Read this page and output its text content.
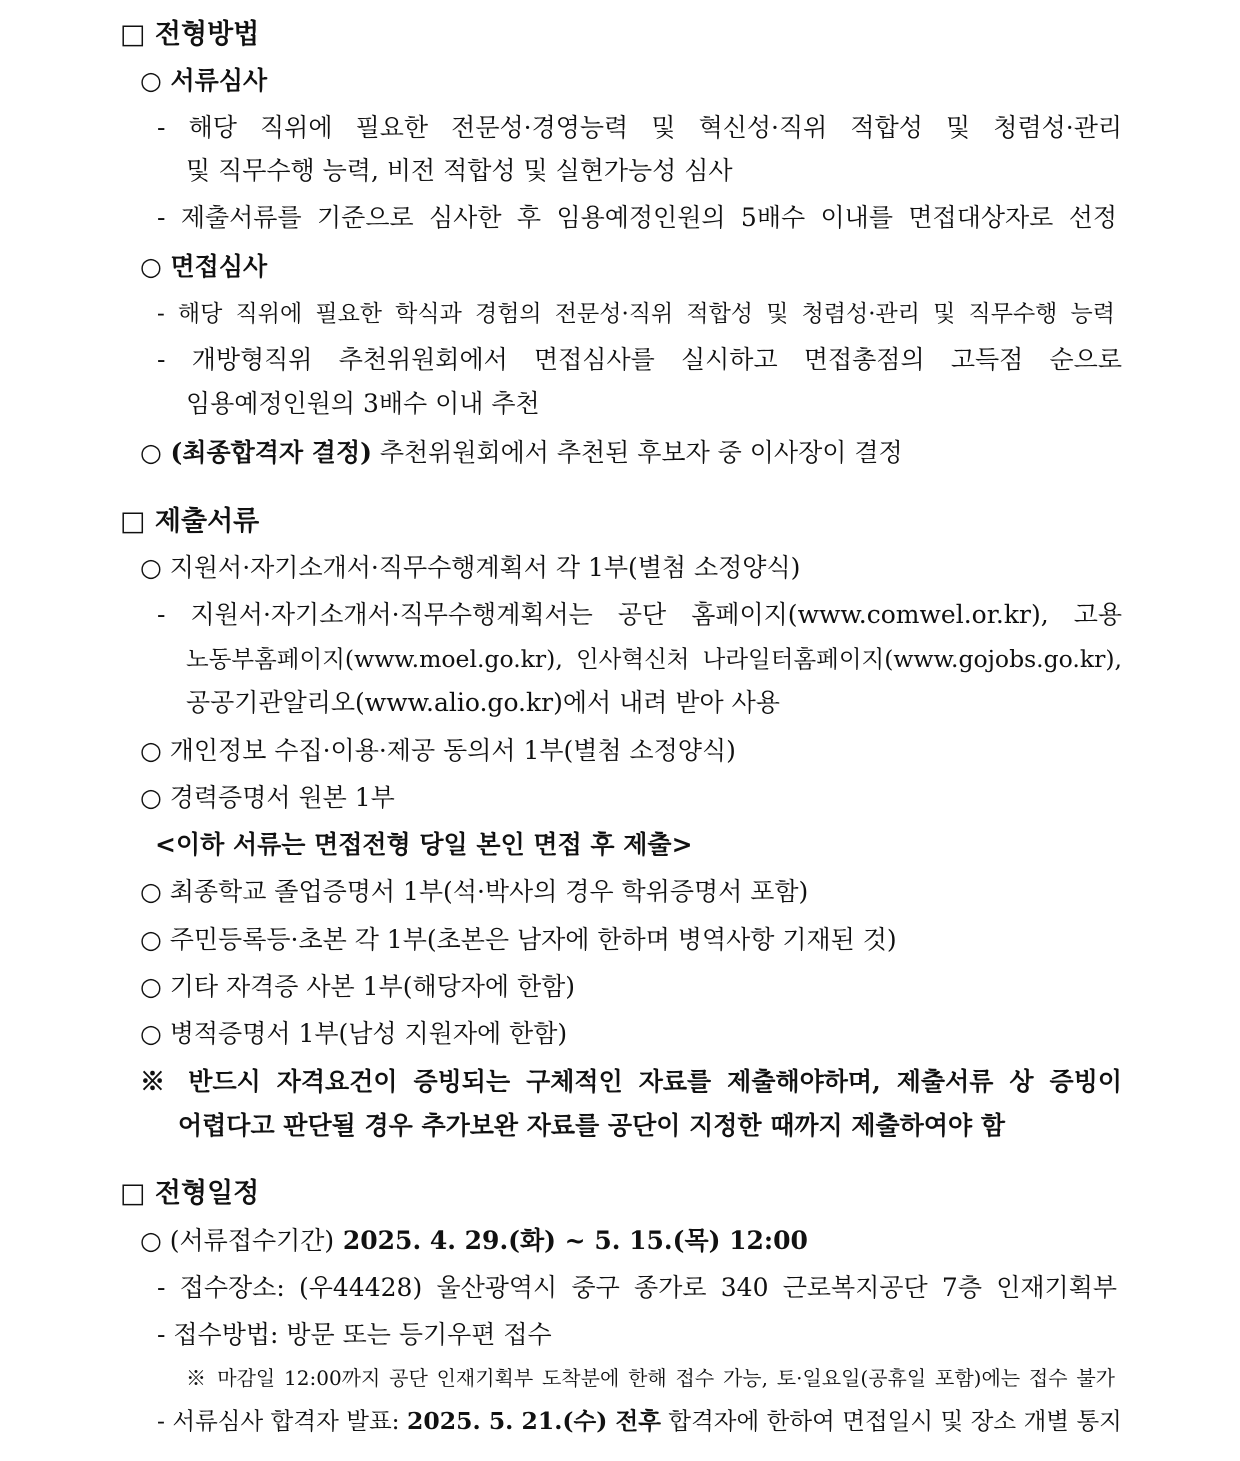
□ 전형방법
○ 서류심사
- 해당 직위에 필요한 전문성·경영능력 및 혁신성·직위 적합성 및 청렴성·관리
및 직무수행 능력, 비전 적합성 및 실현가능성 심사
- 제출서류를 기준으로 심사한 후 임용예정인원의 5배수 이내를 면접대상자로 선정
○ 면접심사
- 해당 직위에 필요한 학식과 경험의 전문성·직위 적합성 및 청렴성·관리 및 직무수행 능력
- 개방형직위 추천위원회에서 면접심사를 실시하고 면접총점의 고득점 순으로
임용예정인원의 3배수 이내 추천
○ (최종합격자 결정) 추천위원회에서 추천된 후보자 중 이사장이 결정
□ 제출서류
○ 지원서·자기소개서·직무수행계획서 각 1부(별첨 소정양식)
- 지원서·자기소개서·직무수행계획서는 공단 홈페이지(www.comwel.or.kr), 고용
노동부홈페이지(www.moel.go.kr), 인사혁신처 나라일터홈페이지(www.gojobs.go.kr),
공공기관알리오(www.alio.go.kr)에서 내려 받아 사용
○ 개인정보 수집·이용·제공 동의서 1부(별첨 소정양식)
○ 경력증명서 원본 1부
<이하 서류는 면접전형 당일 본인 면접 후 제출>
○ 최종학교 졸업증명서 1부(석·박사의 경우 학위증명서 포함)
○ 주민등록등·초본 각 1부(초본은 남자에 한하며 병역사항 기재된 것)
○ 기타 자격증 사본 1부(해당자에 한함)
○ 병적증명서 1부(남성 지원자에 한함)
※ 반드시 자격요건이 증빙되는 구체적인 자료를 제출해야하며, 제출서류 상 증빙이
어렵다고 판단될 경우 추가보완 자료를 공단이 지정한 때까지 제출하여야 함
□ 전형일정
○ (서류접수기간) 2025. 4. 29.(화) ~ 5. 15.(목) 12:00
- 접수장소: (우44428) 울산광역시 중구 종가로 340 근로복지공단 7층 인재기획부
- 접수방법: 방문 또는 등기우편 접수
※ 마감일 12:00까지 공단 인재기획부 도착분에 한해 접수 가능, 토·일요일(공휴일 포함)에는 접수 불가
- 서류심사 합격자 발표: 2025. 5. 21.(수) 전후 합격자에 한하여 면접일시 및 장소 개별 통지
